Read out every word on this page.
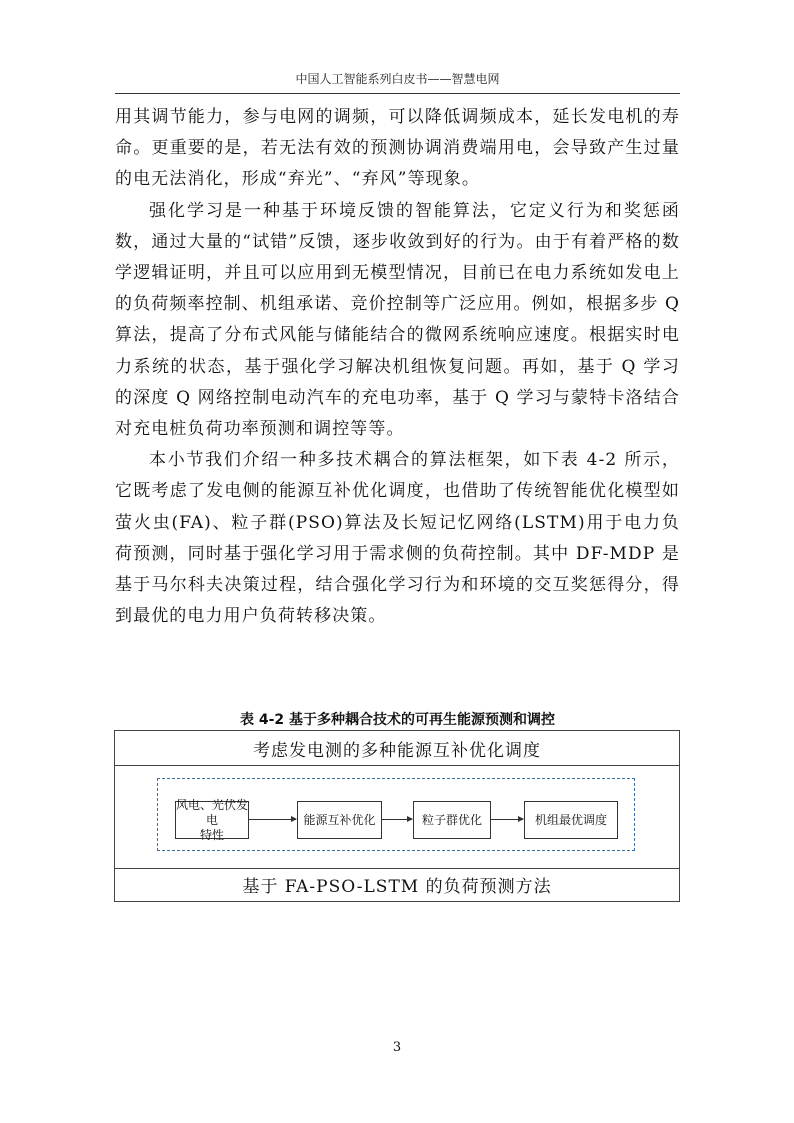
中国人工智能系列白皮书——智慧电网

用其调节能力，参与电网的调频，可以降低调频成本，延长发电机的寿命。更重要的是，若无法有效的预测协调消费端用电，会导致产生过量的电无法消化，形成“弃光”、“弃风”等现象。

强化学习是一种基于环境反馈的智能算法，它定义行为和奖惩函数，通过大量的“试错”反馈，逐步收敛到好的行为。由于有着严格的数学逻辑证明，并且可以应用到无模型情况，目前已在电力系统如发电上的负荷频率控制、机组承诺、竞价控制等广泛应用。例如，根据多步 Q 算法，提高了分布式风能与储能结合的微网系统响应速度。根据实时电力系统的状态，基于强化学习解决机组恢复问题。再如，基于 Q 学习的深度 Q 网络控制电动汽车的充电功率，基于 Q 学习与蒙特卡洛结合对充电桩负荷功率预测和调控等等。

本小节我们介绍一种多技术耦合的算法框架，如下表 4-2 所示，它既考虑了发电侧的能源互补优化调度，也借助了传统智能优化模型如萤火虫(FA)、粒子群(PSO)算法及长短记忆网络(LSTM)用于电力负荷预测，同时基于强化学习用于需求侧的负荷控制。其中 DF-MDP 是基于马尔科夫决策过程，结合强化学习行为和环境的交互奖惩得分，得到最优的电力用户负荷转移决策。

表 4-2 基于多种耦合技术的可再生能源预测和调控
考虑发电测的多种能源互补优化调度
风电、光伏发电
特性
能源互补优化	粒子群优化	机组最优调度
基于 FA-PSO-LSTM 的负荷预测方法
3
